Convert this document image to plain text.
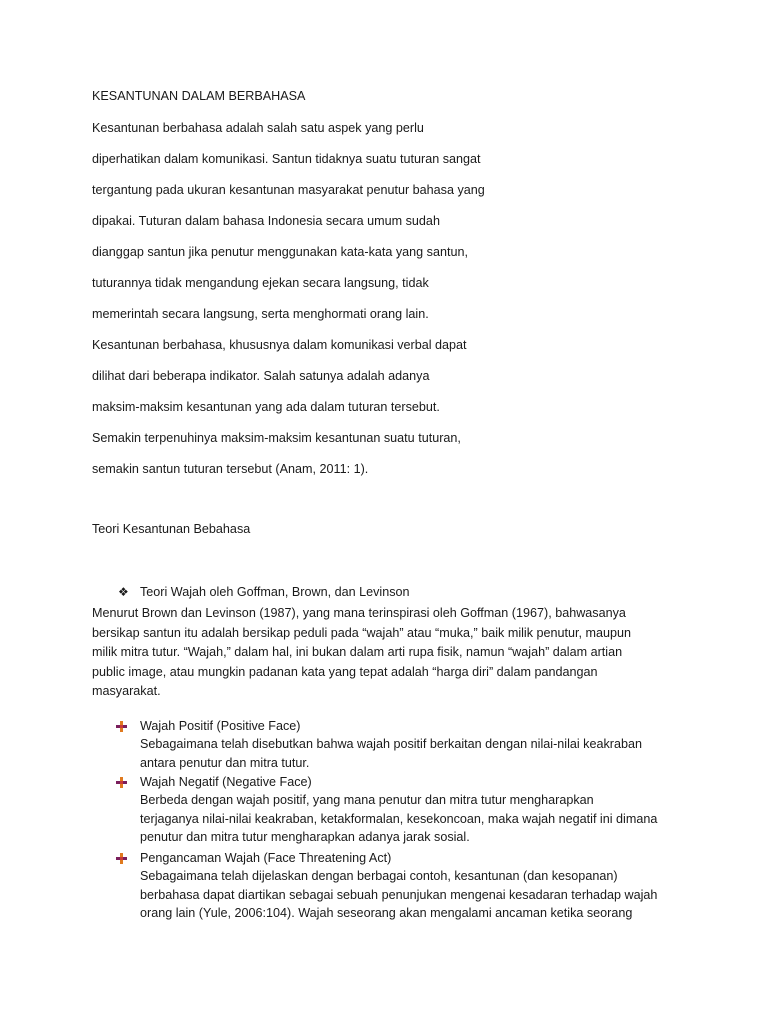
KESANTUNAN DALAM BERBAHASA
Kesantunan berbahasa adalah salah satu aspek yang perlu
diperhatikan dalam komunikasi. Santun tidaknya suatu tuturan sangat
tergantung pada ukuran kesantunan masyarakat penutur bahasa yang
dipakai. Tuturan dalam bahasa Indonesia secara umum sudah
dianggap santun jika penutur menggunakan kata-kata yang santun,
tuturannya tidak mengandung ejekan secara langsung, tidak
memerintah secara langsung, serta menghormati orang lain.
Kesantunan berbahasa, khususnya dalam komunikasi verbal dapat
dilihat dari beberapa indikator. Salah satunya adalah adanya
maksim-maksim kesantunan yang ada dalam tuturan tersebut.
Semakin terpenuhinya maksim-maksim kesantunan suatu tuturan,
semakin santun tuturan tersebut (Anam, 2011: 1).
Teori Kesantunan Bebahasa
❖ Teori Wajah oleh Goffman, Brown, dan Levinson
Menurut Brown dan Levinson (1987), yang mana terinspirasi oleh Goffman (1967), bahwasanya
bersikap santun itu adalah bersikap peduli pada “wajah” atau “muka,” baik milik penutur, maupun
milik mitra tutur. “Wajah,” dalam hal, ini bukan dalam arti rupa fisik, namun “wajah” dalam artian
public image, atau mungkin padanan kata yang tepat adalah “harga diri” dalam pandangan
masyarakat.
Wajah Positif (Positive Face)
Sebagaimana telah disebutkan bahwa wajah positif berkaitan dengan nilai-nilai keakraban
antara penutur dan mitra tutur.
Wajah Negatif (Negative Face)
Berbeda dengan wajah positif, yang mana penutur dan mitra tutur mengharapkan
terjaganya nilai-nilai keakraban, ketakformalan, kesekoncoan, maka wajah negatif ini dimana
penutur dan mitra tutur mengharapkan adanya jarak sosial.
Pengancaman Wajah (Face Threatening Act)
Sebagaimana telah dijelaskan dengan berbagai contoh, kesantunan (dan kesopanan)
berbahasa dapat diartikan sebagai sebuah penunjukan mengenai kesadaran terhadap wajah
orang lain (Yule, 2006:104). Wajah seseorang akan mengalami ancaman ketika seorang
